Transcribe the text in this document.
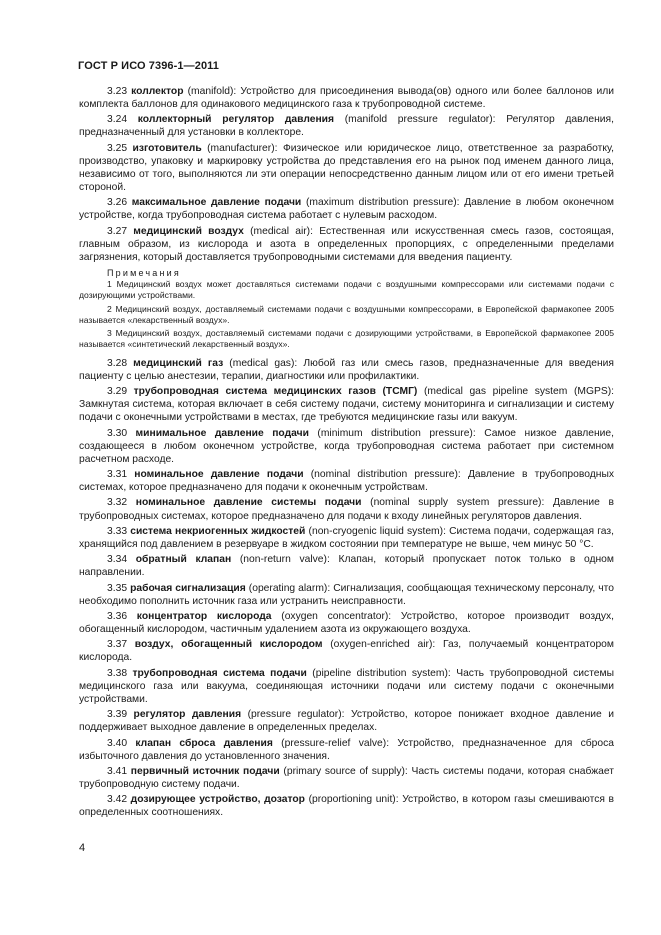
ГОСТ Р ИСО 7396-1—2011
3.23 коллектор (manifold): Устройство для присоединения вывода(ов) одного или более баллонов или комплекта баллонов для одинакового медицинского газа к трубопроводной системе.
3.24 коллекторный регулятор давления (manifold pressure regulator): Регулятор давления, предназначенный для установки в коллекторе.
3.25 изготовитель (manufacturer): Физическое или юридическое лицо, ответственное за разработку, производство, упаковку и маркировку устройства до представления его на рынок под именем данного лица, независимо от того, выполняются ли эти операции непосредственно данным лицом или от его имени третьей стороной.
3.26 максимальное давление подачи (maximum distribution pressure): Давление в любом оконечном устройстве, когда трубопроводная система работает с нулевым расходом.
3.27 медицинский воздух (medical air): Естественная или искусственная смесь газов, состоящая, главным образом, из кислорода и азота в определенных пропорциях, с определенными пределами загрязнения, который доставляется трубопроводными системами для введения пациенту.
Примечания
1 Медицинский воздух может доставляться системами подачи с воздушными компрессорами или системами подачи с дозирующими устройствами.
2 Медицинский воздух, доставляемый системами подачи с воздушными компрессорами, в Европейской фармакопее 2005 называется «лекарственный воздух».
3 Медицинский воздух, доставляемый системами подачи с дозирующими устройствами, в Европейской фармакопее 2005 называется «синтетический лекарственный воздух».
3.28 медицинский газ (medical gas): Любой газ или смесь газов, предназначенные для введения пациенту с целью анестезии, терапии, диагностики или профилактики.
3.29 трубопроводная система медицинских газов (ТСМГ) (medical gas pipeline system (MGPS): Замкнутая система, которая включает в себя систему подачи, систему мониторинга и сигнализации и систему подачи с оконечными устройствами в местах, где требуются медицинские газы или вакуум.
3.30 минимальное давление подачи (minimum distribution pressure): Самое низкое давление, создающееся в любом оконечном устройстве, когда трубопроводная система работает при системном расчетном расходе.
3.31 номинальное давление подачи (nominal distribution pressure): Давление в трубопроводных системах, которое предназначено для подачи к оконечным устройствам.
3.32 номинальное давление системы подачи (nominal supply system pressure): Давление в трубопроводных системах, которое предназначено для подачи к входу линейных регуляторов давления.
3.33 система некриогенных жидкостей (non-cryogenic liquid system): Система подачи, содержащая газ, хранящийся под давлением в резервуаре в жидком состоянии при температуре не выше, чем минус 50 °С.
3.34 обратный клапан (non-return valve): Клапан, который пропускает поток только в одном направлении.
3.35 рабочая сигнализация (operating alarm): Сигнализация, сообщающая техническому персоналу, что необходимо пополнить источник газа или устранить неисправности.
3.36 концентратор кислорода (oxygen concentrator): Устройство, которое производит воздух, обогащенный кислородом, частичным удалением азота из окружающего воздуха.
3.37 воздух, обогащенный кислородом (oxygen-enriched air): Газ, получаемый концентратором кислорода.
3.38 трубопроводная система подачи (pipeline distribution system): Часть трубопроводной системы медицинского газа или вакуума, соединяющая источники подачи или систему подачи с оконечными устройствами.
3.39 регулятор давления (pressure regulator): Устройство, которое понижает входное давление и поддерживает выходное давление в определенных пределах.
3.40 клапан сброса давления (pressure-relief valve): Устройство, предназначенное для сброса избыточного давления до установленного значения.
3.41 первичный источник подачи (primary source of supply): Часть системы подачи, которая снабжает трубопроводную систему подачи.
3.42 дозирующее устройство, дозатор (proportioning unit): Устройство, в котором газы смешиваются в определенных соотношениях.
4
